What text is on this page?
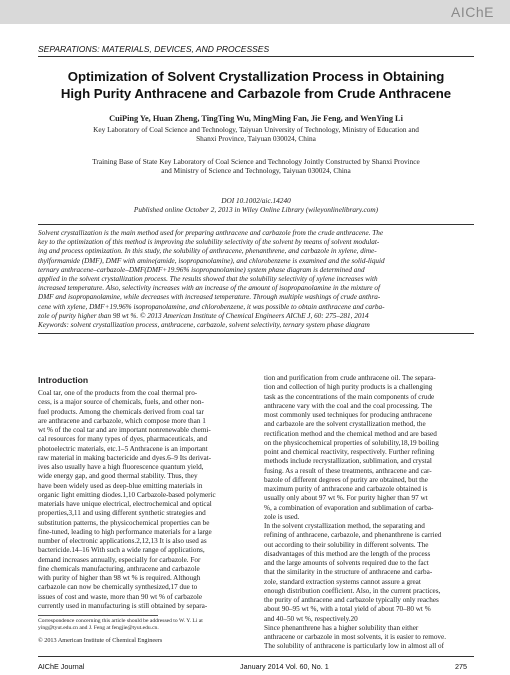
AIChE
SEPARATIONS: MATERIALS, DEVICES, AND PROCESSES
Optimization of Solvent Crystallization Process in Obtaining
High Purity Anthracene and Carbazole from Crude Anthracene
CuiPing Ye, Huan Zheng, TingTing Wu, MingMing Fan, Jie Feng, and WenYing Li
Key Laboratory of Coal Science and Technology, Taiyuan University of Technology, Ministry of Education and
Shanxi Province, Taiyuan 030024, China
Training Base of State Key Laboratory of Coal Science and Technology Jointly Constructed by Shanxi Province
and Ministry of Science and Technology, Taiyuan 030024, China
DOI 10.1002/aic.14240
Published online October 2, 2013 in Wiley Online Library (wileyonlinelibrary.com)
Solvent crystallization is the main method used for preparing anthracene and carbazole from the crude anthracene. The
key to the optimization of this method is improving the solubility selectivity of the solvent by means of solvent modulat-
ing and process optimization. In this study, the solubility of anthracene, phenanthrene, and carbazole in xylene, dime-
thylformamide (DMF), DMF with amine(amide, isopropanolamine), and chlorobenzene is examined and the solid-liquid
ternary anthracene–carbazole–DMF(DMF+19.96% isopropanolamine) system phase diagram is determined and
applied in the solvent crystallization process. The results showed that the solubility selectivity of xylene increases with
increased temperature. Also, selectivity increases with an increase of the amount of isopropanolamine in the mixture of
DMF and isopropanolamine, while decreases with increased temperature. Through multiple washings of crude anthra-
cene with xylene, DMF+19.96% isopropanolamine, and chlorobenzene, it was possible to obtain anthracene and carba-
zole of purity higher than 98 wt %. © 2013 American Institute of Chemical Engineers AIChE J, 60: 275–281, 2014
Keywords: solvent crystallization process, anthracene, carbazole, solvent selectivity, ternary system phase diagram
Introduction
Coal tar, one of the products from the coal thermal pro-
cess, is a major source of chemicals, fuels, and other non-
fuel products. Among the chemicals derived from coal tar
are anthracene and carbazole, which compose more than 1
wt % of the coal tar and are important nonrenewable chemi-
cal resources for many types of dyes, pharmaceuticals, and
photoelectric materials, etc.1–5 Anthracene is an important
raw material in making bactericide and dyes.6–9 Its derivat-
ives also usually have a high fluorescence quantum yield,
wide energy gap, and good thermal stability. Thus, they
have been widely used as deep-blue emitting materials in
organic light emitting diodes.1,10 Carbazole-based polymeric
materials have unique electrical, electrochemical and optical
properties,3,11 and using different synthetic strategies and
substitution patterns, the physicochemical properties can be
fine-tuned, leading to high performance materials for a large
number of electronic applications.2,12,13 It is also used as
bactericide.14–16 With such a wide range of applications,
demand increases annually, especially for carbazole. For
fine chemicals manufacturing, anthracene and carbazole
with purity of higher than 98 wt % is required. Although
carbazole can now be chemically synthesized,17 due to
issues of cost and waste, more than 90 wt % of carbazole
currently used in manufacturing is still obtained by separa-
tion and purification from crude anthracene oil. The separa-
tion and collection of high purity products is a challenging
task as the concentrations of the main components of crude
anthracene vary with the coal and the coal processing. The
most commonly used techniques for producing anthracene
and carbazole are the solvent crystallization method, the
rectification method and the chemical method and are based
on the physicochemical properties of solubility,18,19 boiling
point and chemical reactivity, respectively. Further refining
methods include recrystallization, sublimation, and crystal
fusing. As a result of these treatments, anthracene and car-
bazole of different degrees of purity are obtained, but the
maximum purity of anthracene and carbazole obtained is
usually only about 97 wt %. For purity higher than 97 wt
%, a combination of evaporation and sublimation of carba-
zole is used.
In the solvent crystallization method, the separating and
refining of anthracene, carbazole, and phenanthrene is carried
out according to their solubility in different solvents. The
disadvantages of this method are the length of the process
and the large amounts of solvents required due to the fact
that the similarity in the structure of anthracene and carba-
zole, standard extraction systems cannot assure a great
enough distribution coefficient. Also, in the current practices,
the purity of anthracene and carbazole typically only reaches
about 90–95 wt %, with a total yield of about 70–80 wt %
and 40–50 wt %, respectively.20
Since phenanthrene has a higher solubility than either
anthracene or carbazole in most solvents, it is easier to remove.
The solubility of anthracene is particularly low in almost all of
Correspondence concerning this article should be addressed to W. Y. Li at
ying@tyut.edu.cn and J. Feng at fengjie@tyut.edu.cn.
© 2013 American Institute of Chemical Engineers
AIChE Journal	January 2014 Vol. 60, No. 1	275
